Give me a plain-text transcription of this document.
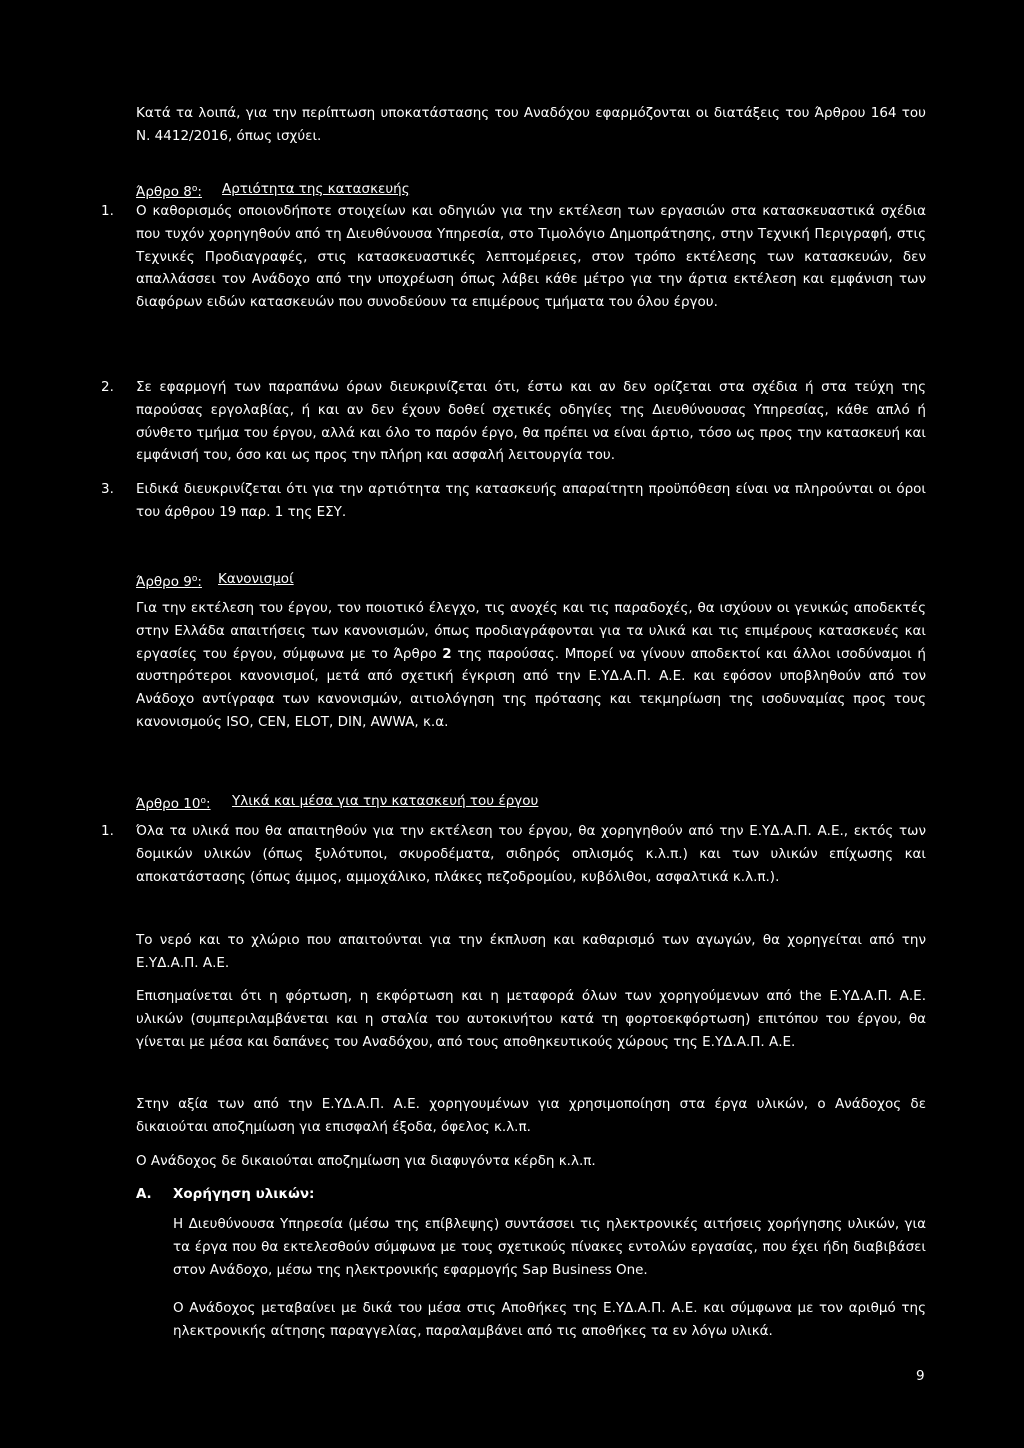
Κατά τα λοιπά, για την περίπτωση υποκατάστασης του Αναδόχου εφαρμόζονται οι διατάξεις του Άρθρου 164 του Ν. 4412/2016, όπως ισχύει.

Άρθρο $8^o$: Αρτιότητα της κατασκευής
1. Ο καθορισμός οποιονδήποτε στοιχείων και οδηγιών για την εκτέλεση των εργασιών στα κατασκευαστικά σχέδια που τυχόν χορηγηθούν από τη Διευθύνουσα Υπηρεσία, στο Τιμολόγιο Δημοπράτησης, στην Τεχνική Περιγραφή, στις Τεχνικές Προδιαγραφές, στις κατασκευαστικές λεπτομέρειες, στον τρόπο εκτέλεσης των κατασκευών, δεν απαλλάσσει τον Ανάδοχο από την υποχρέωση όπως λάβει κάθε μέτρο για την άρτια εκτέλεση και εμφάνιση των διαφόρων ειδών κατασκευών που συνοδεύουν τα επιμέρους τμήματα του όλου έργου.

2. Σε εφαρμογή των παραπάνω όρων διευκρινίζεται ότι, έστω και αν δεν ορίζεται στα σχέδια ή στα τεύχη της παρούσας εργολαβίας, ή και αν δεν έχουν δοθεί σχετικές οδηγίες της Διευθύνουσας Υπηρεσίας, κάθε απλό ή σύνθετο τμήμα του έργου, αλλά και όλο το παρόν έργο, θα πρέπει να είναι άρτιο, τόσο ως προς την κατασκευή και εμφάνισή του, όσο και ως προς την πλήρη και ασφαλή λειτουργία του.

3. Ειδικά διευκρινίζεται ότι για την αρτιότητα της κατασκευής απαραίτητη προϋπόθεση είναι να πληρούνται οι όροι του άρθρου 19 παρ. 1 της ΕΣΥ.

Άρθρο $9^o$: Κανονισμοί

Για την εκτέλεση του έργου, τον ποιοτικό έλεγχο, τις ανοχές και τις παραδοχές, θα ισχύουν οι γενικώς αποδεκτές στην Ελλάδα απαιτήσεις των κανονισμών, όπως προδιαγράφονται για τα υλικά και τις επιμέρους κατασκευές και εργασίες του έργου, σύμφωνα με το Άρθρο 2 της παρούσας. Μπορεί να γίνουν αποδεκτοί και άλλοι ισοδύναμοι ή αυστηρότεροι κανονισμοί, μετά από σχετική έγκριση από την Ε.ΥΔ.Α.Π. Α.Ε. και εφόσον υποβληθούν από τον Ανάδοχο αντίγραφα των κανονισμών, αιτιολόγηση της πρότασης και τεκμηρίωση της ισοδυναμίας προς τους κανονισμούς ISO, CEN, ELOT, DIN, AWWA, κ.α.

Άρθρο $10^o$: Υλικά και μέσα για την κατασκευή του έργου
1. Όλα τα υλικά που θα απαιτηθούν για την εκτέλεση του έργου, θα χορηγηθούν από την Ε.ΥΔ.Α.Π. Α.Ε., εκτός των δομικών υλικών (όπως ξυλότυποι, σκυροδέματα, σιδηρός οπλισμός κ.λ.π.) και των υλικών επίχωσης και αποκατάστασης (όπως άμμος, αμμοχάλικο, πλάκες πεζοδρομίου, κυβόλιθοι, ασφαλτικά κ.λ.π.).

Το νερό και το χλώριο που απαιτούνται για την έκπλυση και καθαρισμό των αγωγών, θα χορηγείται από την Ε.ΥΔ.Α.Π. Α.Ε.

Επισημαίνεται ότι η φόρτωση, η εκφόρτωση και η μεταφορά όλων των χορηγούμενων από the Ε.ΥΔ.Α.Π. Α.Ε. υλικών (συμπεριλαμβάνεται και η σταλία του αυτοκινήτου κατά τη φορτοεκφόρτωση) επιτόπου του έργου, θα γίνεται με μέσα και δαπάνες του Αναδόχου, από τους αποθηκευτικούς χώρους της Ε.ΥΔ.Α.Π. Α.Ε.

Στην αξία των από την Ε.ΥΔ.Α.Π. Α.Ε. χορηγουμένων για χρησιμοποίηση στα έργα υλικών, ο Ανάδοχος δε δικαιούται αποζημίωση για επισφαλή έξοδα, όφελος κ.λ.π.

Ο Ανάδοχος δε δικαιούται αποζημίωση για διαφυγόντα κέρδη κ.λ.π.

Α. Χορήγηση υλικών:

Η Διευθύνουσα Υπηρεσία (μέσω της επίβλεψης) συντάσσει τις ηλεκτρονικές αιτήσεις χορήγησης υλικών, για τα έργα που θα εκτελεσθούν σύμφωνα με τους σχετικούς πίνακες εντολών εργασίας, που έχει ήδη διαβιβάσει στον Ανάδοχο, μέσω της ηλεκτρονικής εφαρμογής Sap Business One.

Ο Ανάδοχος μεταβαίνει με δικά του μέσα στις Αποθήκες της Ε.ΥΔ.Α.Π. Α.Ε. και σύμφωνα με τον αριθμό της ηλεκτρονικής αίτησης παραγγελίας, παραλαμβάνει από τις αποθήκες τα εν λόγω υλικά.

9
